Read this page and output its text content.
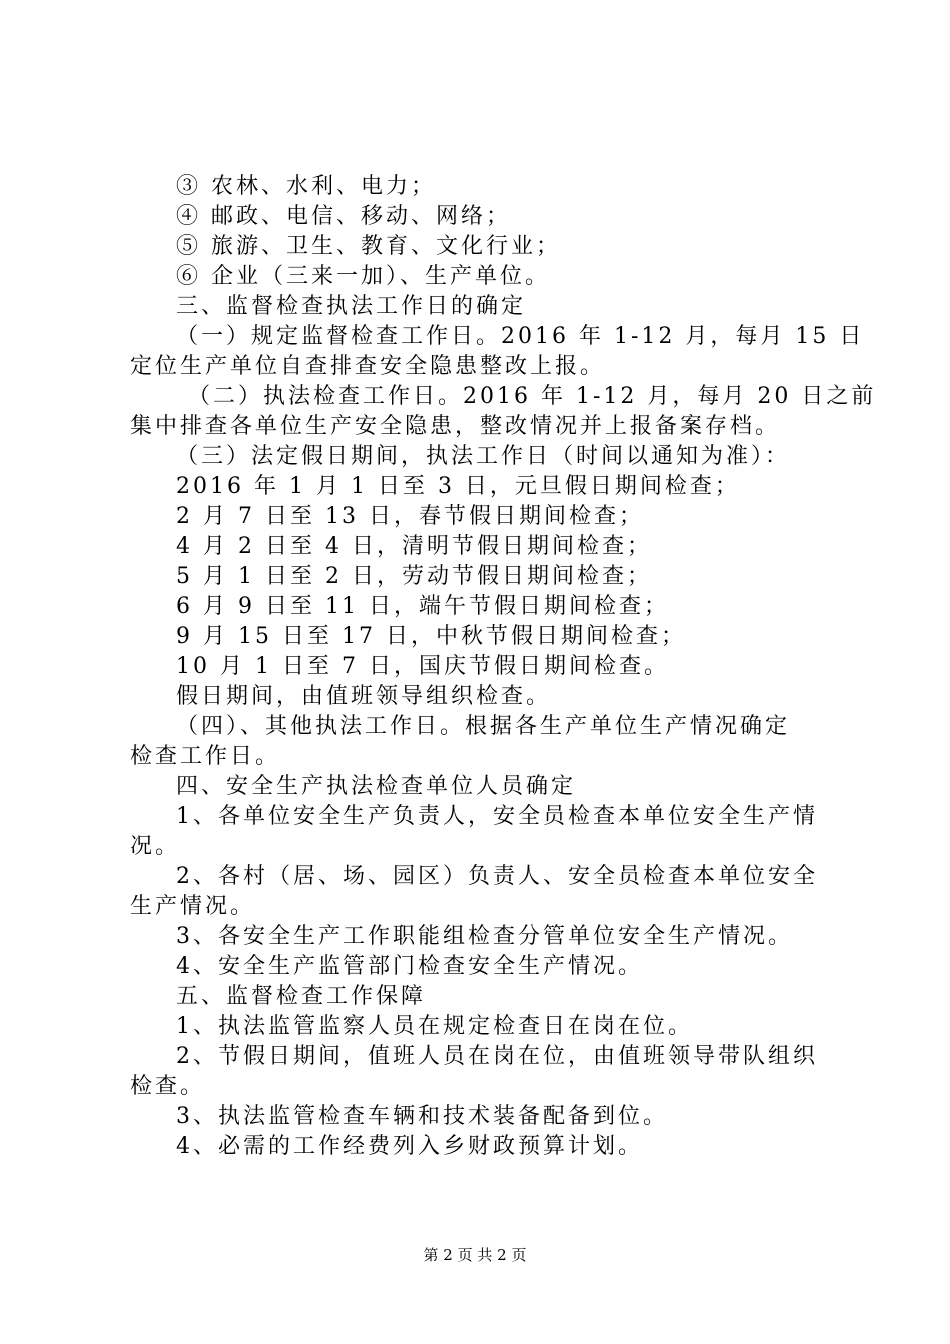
③ 农林、水利、电力；
④ 邮政、电信、移动、网络；
⑤ 旅游、卫生、教育、文化行业；
⑥ 企业（三来一加）、生产单位。
三、监督检查执法工作日的确定
（一）规定监督检查工作日。2016 年 1-12 月，每月 15 日
定位生产单位自查排查安全隐患整改上报。
（二）执法检查工作日。2016 年 1-12 月，每月 20 日之前
集中排查各单位生产安全隐患，整改情况并上报备案存档。
（三）法定假日期间，执法工作日（时间以通知为准）：
2016 年 1 月 1 日至 3 日，元旦假日期间检查；
2 月 7 日至 13 日，春节假日期间检查；
4 月 2 日至 4 日，清明节假日期间检查；
5 月 1 日至 2 日，劳动节假日期间检查；
6 月 9 日至 11 日，端午节假日期间检查；
9 月 15 日至 17 日，中秋节假日期间检查；
10 月 1 日至 7 日，国庆节假日期间检查。
假日期间，由值班领导组织检查。
（四）、其他执法工作日。根据各生产单位生产情况确定
检查工作日。
四、安全生产执法检查单位人员确定
1、各单位安全生产负责人，安全员检查本单位安全生产情
况。
2、各村（居、场、园区）负责人、安全员检查本单位安全
生产情况。
3、各安全生产工作职能组检查分管单位安全生产情况。
4、安全生产监管部门检查安全生产情况。
五、监督检查工作保障
1、执法监管监察人员在规定检查日在岗在位。
2、节假日期间，值班人员在岗在位，由值班领导带队组织
检查。
3、执法监管检查车辆和技术装备配备到位。
4、必需的工作经费列入乡财政预算计划。
第 2 页 共 2 页
